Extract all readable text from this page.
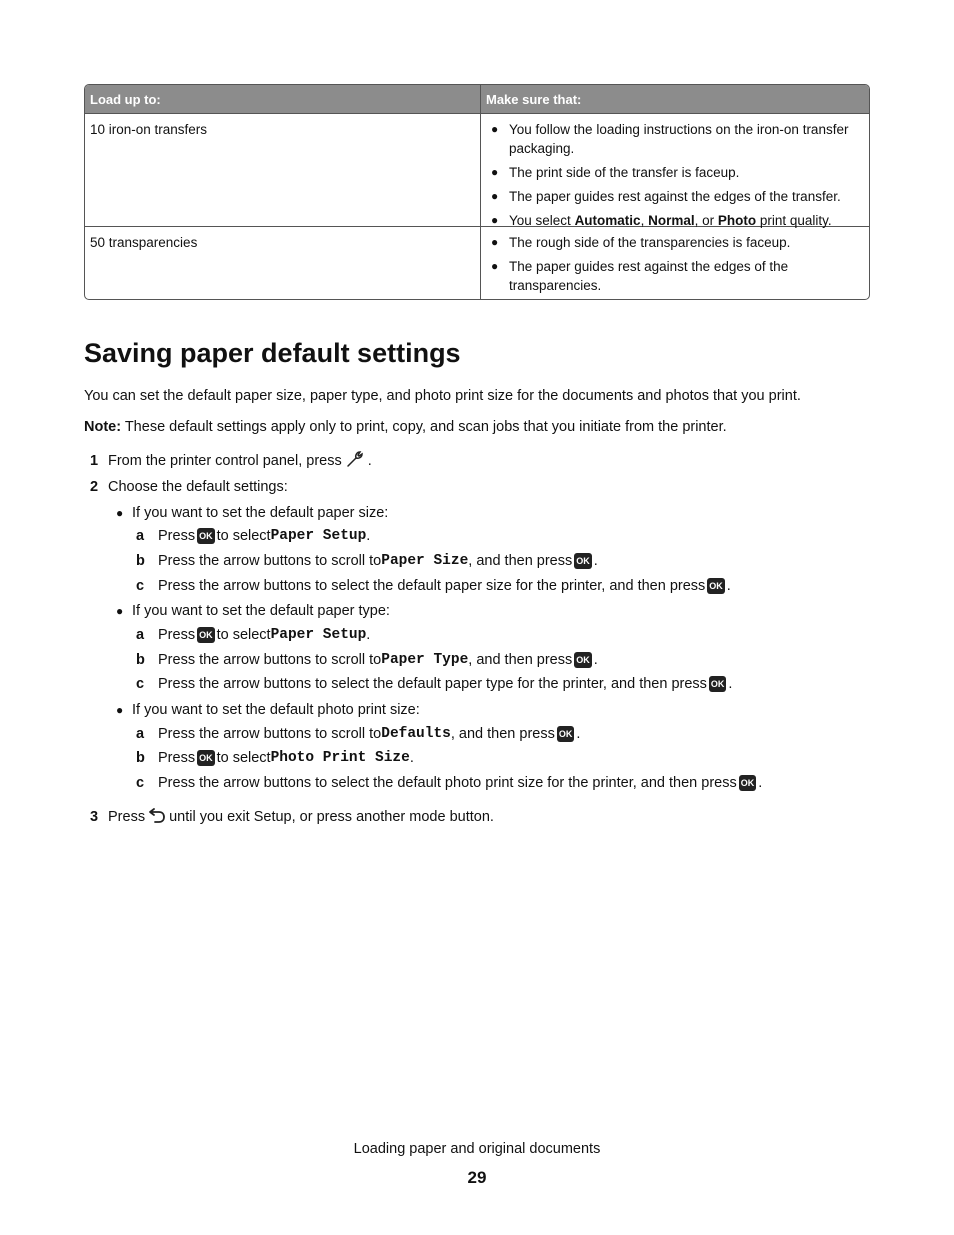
Load up to:	Make sure that:
10 iron-on transfers	● You follow the loading instructions on the iron-on transfer packaging.
● The print side of the transfer is faceup.
● The paper guides rest against the edges of the transfer.
● You select Automatic, Normal, or Photo print quality.
50 transparencies	● The rough side of the transparencies is faceup.
● The paper guides rest against the edges of the transparencies.
Saving paper default settings
You can set the default paper size, paper type, and photo print size for the documents and photos that you print.
Note: These default settings apply only to print, copy, and scan jobs that you initiate from the printer.
1 From the printer control panel, press .
2 Choose the default settings:
● If you want to set the default paper size:
a Press OK to select Paper Setup .
b Press the arrow buttons to scroll to Paper Size , and then press OK .
c Press the arrow buttons to select the default paper size for the printer, and then press OK .
● If you want to set the default paper type:
a Press OK to select Paper Setup .
b Press the arrow buttons to scroll to Paper Type , and then press OK .
c Press the arrow buttons to select the default paper type for the printer, and then press OK .
● If you want to set the default photo print size:
a Press the arrow buttons to scroll to Defaults , and then press OK .
b Press OK to select Photo Print Size .
c Press the arrow buttons to select the default photo print size for the printer, and then press OK .
3 Press until you exit Setup, or press another mode button.
Loading paper and original documents
29
